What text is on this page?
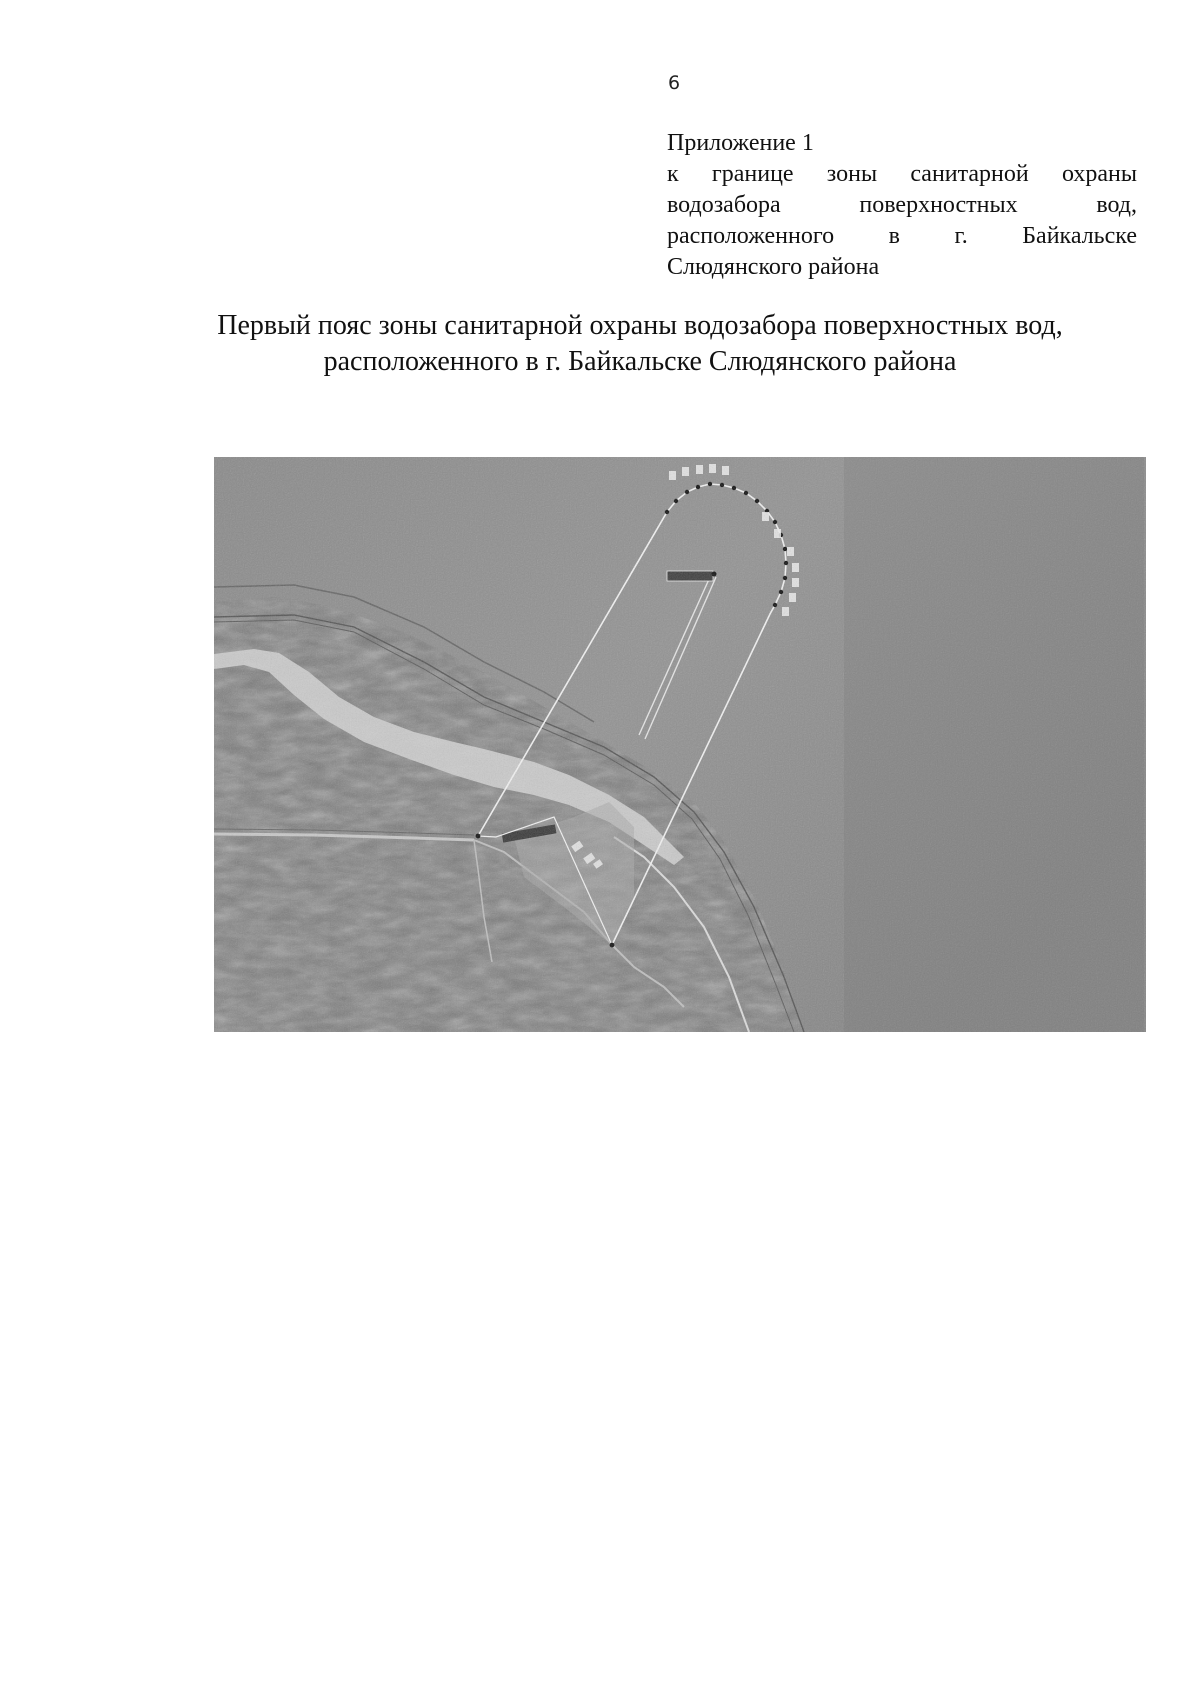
6
Приложение 1
к границе зоны санитарной охраны
водозабора поверхностных вод,
расположенного в г. Байкальске
Слюдянского района
Первый пояс зоны санитарной охраны водозабора поверхностных вод,
расположенного в г. Байкальске Слюдянского района
